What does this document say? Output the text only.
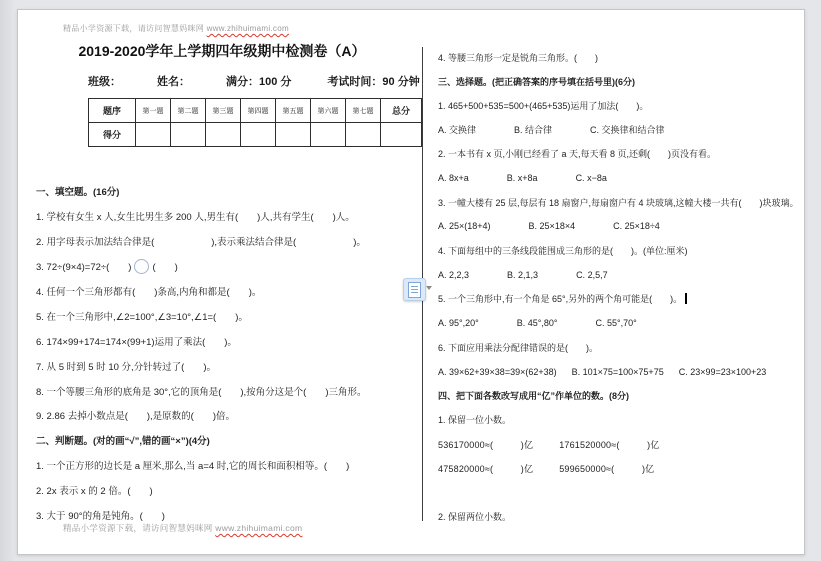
精品小学资源下载，请访问智慧妈咪网 www.zhihuimami.com
2019-2020学年上学期四年级期中检测卷（A）
班级：	姓名：	满分：100 分	考试时间：90 分钟
题序	第一题	第二题	第三题	第四题	第五题	第六题	第七题	总分
得分								
一、填空题。(16分)
1. 学校有女生 x 人,女生比男生多 200 人,男生有(　　)人,共有学生(　　)人。
2. 用字母表示加法结合律是(　　　　　　),表示乘法结合律是(　　　　　　)。
3. 72÷(9×4)=72÷(　　) (　　)
4. 任何一个三角形都有(　　)条高,内角和都是(　　)。
5. 在一个三角形中,∠2=100°,∠3=10°,∠1=(　　)。
6. 174×99+174=174×(99+1)运用了乘法(　　)。
7. 从 5 时到 5 时 10 分,分针转过了(　　)。
8. 一个等腰三角形的底角是 30°,它的顶角是(　　),按角分这是个(　　)三角形。
9. 2.86 去掉小数点是(　　),是原数的(　　)倍。
二、判断题。(对的画“√”,错的画“×”)(4分)
1. 一个正方形的边长是 a 厘米,那么,当 a=4 时,它的周长和面积相等。(　　)
2. 2x 表示 x 的 2 倍。(　　)
3. 大于 90°的角是钝角。(　　)
4. 等腰三角形一定是锐角三角形。(　　)
三、选择题。(把正确答案的序号填在括号里)(6分)
1. 465+500+535=500+(465+535)运用了加法(　　)。
A. 交换律	B. 结合律	C. 交换律和结合律
2. 一本书有 x 页,小刚已经看了 a 天,每天看 8 页,还剩(　　)页没有看。
A. 8x+a	B. x+8a	C. x−8a
3. 一幢大楼有 25 层,每层有 18 扇窗户,每扇窗户有 4 块玻璃,这幢大楼一共有(　　)块玻璃。
A. 25×(18+4)	B. 25×18×4	C. 25×18÷4
4. 下面每组中的三条线段能围成三角形的是(　　)。(单位:厘米)
A. 2,2,3	B. 2,1,3	C. 2,5,7
5. 一个三角形中,有一个角是 65°,另外的两个角可能是(　　)。
A. 95°,20°	B. 45°,80°	C. 55°,70°
6. 下面应用乘法分配律错误的是(　　)。
A. 39×62+39×38=39×(62+38) B. 101×75=100×75+75 C. 23×99=23×100+23
四、把下面各数改写成用“亿”作单位的数。(8分)
1. 保留一位小数。
536170000≈(　　　)亿	1761520000≈(　　　)亿
475820000≈(　　　)亿	599650000≈(　　　)亿
2. 保留两位小数。
精品小学资源下载，请访问智慧妈咪网 www.zhihuimami.com
